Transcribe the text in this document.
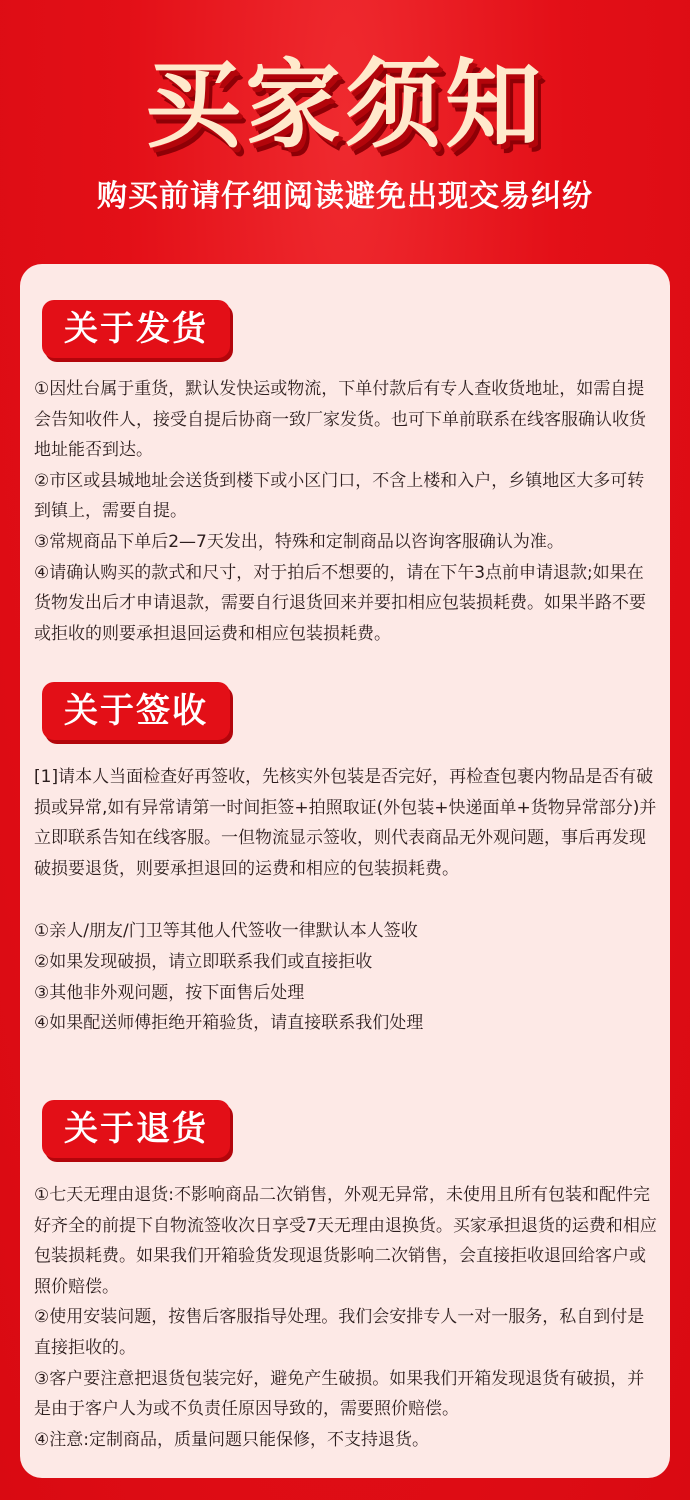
买家须知
购买前请仔细阅读避免出现交易纠纷
关于发货

①因灶台属于重货，默认发快运或物流，下单付款后有专人查收货地址，如需自提会告知收件人，接受自提后协商一致厂家发货。也可下单前联系在线客服确认收货地址能否到达。

②市区或县城地址会送货到楼下或小区门口，不含上楼和入户，乡镇地区大多可转到镇上，需要自提。

③常规商品下单后2—7天发出，特殊和定制商品以咨询客服确认为准。

④请确认购买的款式和尺寸，对于拍后不想要的，请在下午3点前申请退款;如果在货物发出后才申请退款，需要自行退货回来并要扣相应包装损耗费。如果半路不要或拒收的则要承担退回运费和相应包装损耗费。

关于签收

[1]请本人当面检查好再签收，先核实外包装是否完好，再检查包裹内物品是否有破损或异常,如有异常请第一时间拒签+拍照取证(外包装+快递面单+货物异常部分)并立即联系告知在线客服。一但物流显示签收，则代表商品无外观问题，事后再发现破损要退货，则要承担退回的运费和相应的包装损耗费。

①亲人/朋友/门卫等其他人代签收一律默认本人签收

②如果发现破损，请立即联系我们或直接拒收

③其他非外观问题，按下面售后处理

④如果配送师傅拒绝开箱验货，请直接联系我们处理

关于退货

①七天无理由退货:不影响商品二次销售，外观无异常，未使用且所有包装和配件完好齐全的前提下自物流签收次日享受7天无理由退换货。买家承担退货的运费和相应包装损耗费。如果我们开箱验货发现退货影响二次销售，会直接拒收退回给客户或照价赔偿。

②使用安装问题，按售后客服指导处理。我们会安排专人一对一服务，私自到付是直接拒收的。

③客户要注意把退货包装完好，避免产生破损。如果我们开箱发现退货有破损，并是由于客户人为或不负责任原因导致的，需要照价赔偿。

④注意:定制商品，质量问题只能保修，不支持退货。
